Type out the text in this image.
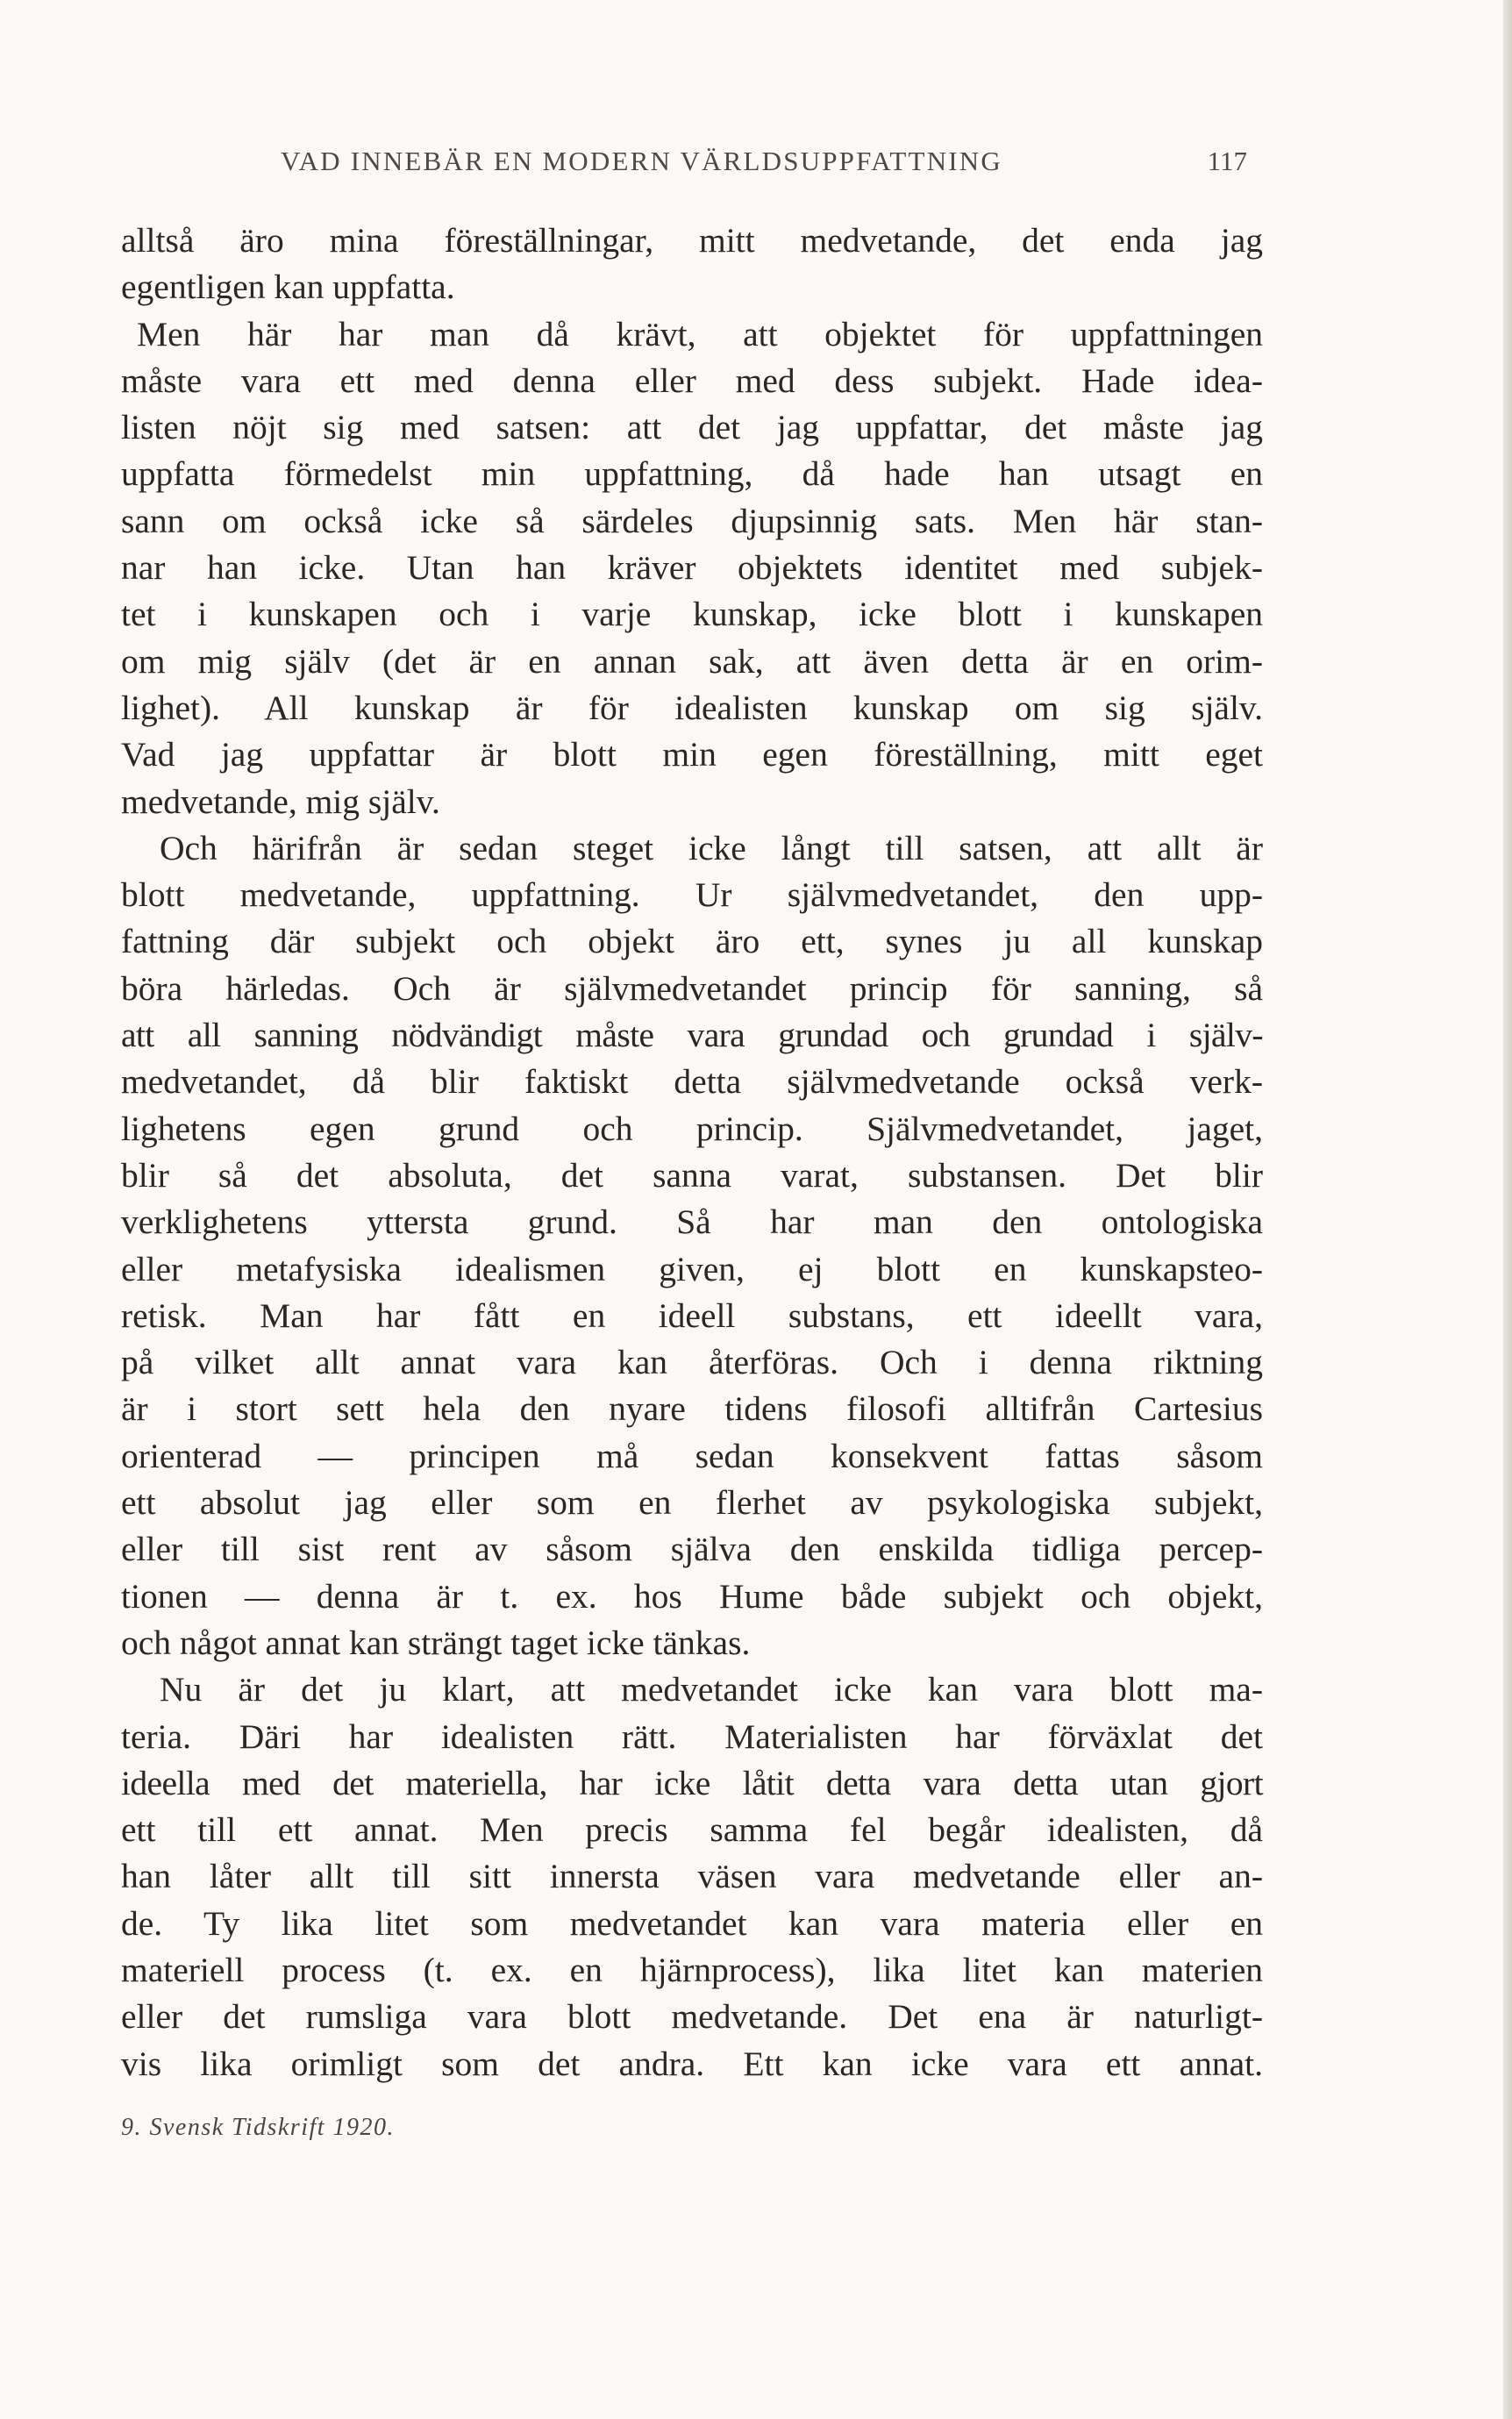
VAD INNEBÄR EN MODERN VÄRLDSUPPFATTNING	117
alltså äro mina föreställningar, mitt medvetande, det enda jag
egentligen kan uppfatta.
Men här har man då krävt, att objektet för uppfattningen
måste vara ett med denna eller med dess subjekt. Hade idea-
listen nöjt sig med satsen: att det jag uppfattar, det måste jag
uppfatta förmedelst min uppfattning, då hade han utsagt en
sann om också icke så särdeles djupsinnig sats. Men här stan-
nar han icke. Utan han kräver objektets identitet med subjek-
tet i kunskapen och i varje kunskap, icke blott i kunskapen
om mig själv (det är en annan sak, att även detta är en orim-
lighet). All kunskap är för idealisten kunskap om sig själv.
Vad jag uppfattar är blott min egen föreställning, mitt eget
medvetande, mig själv.
Och härifrån är sedan steget icke långt till satsen, att allt är
blott medvetande, uppfattning. Ur självmedvetandet, den upp-
fattning där subjekt och objekt äro ett, synes ju all kunskap
böra härledas. Och är självmedvetandet princip för sanning, så
att all sanning nödvändigt måste vara grundad och grundad i själv-
medvetandet, då blir faktiskt detta självmedvetande också verk-
lighetens egen grund och princip. Självmedvetandet, jaget,
blir så det absoluta, det sanna varat, substansen. Det blir
verklighetens yttersta grund. Så har man den ontologiska
eller metafysiska idealismen given, ej blott en kunskapsteo-
retisk. Man har fått en ideell substans, ett ideellt vara,
på vilket allt annat vara kan återföras. Och i denna riktning
är i stort sett hela den nyare tidens filosofi alltifrån Cartesius
orienterad — principen må sedan konsekvent fattas såsom
ett absolut jag eller som en flerhet av psykologiska subjekt,
eller till sist rent av såsom själva den enskilda tidliga percep-
tionen — denna är t. ex. hos Hume både subjekt och objekt,
och något annat kan strängt taget icke tänkas.
Nu är det ju klart, att medvetandet icke kan vara blott ma-
teria. Däri har idealisten rätt. Materialisten har förväxlat det
ideella med det materiella, har icke låtit detta vara detta utan gjort
ett till ett annat. Men precis samma fel begår idealisten, då
han låter allt till sitt innersta väsen vara medvetande eller an-
de. Ty lika litet som medvetandet kan vara materia eller en
materiell process (t. ex. en hjärnprocess), lika litet kan materien
eller det rumsliga vara blott medvetande. Det ena är naturligt-
vis lika orimligt som det andra. Ett kan icke vara ett annat.
9. Svensk Tidskrift 1920.
